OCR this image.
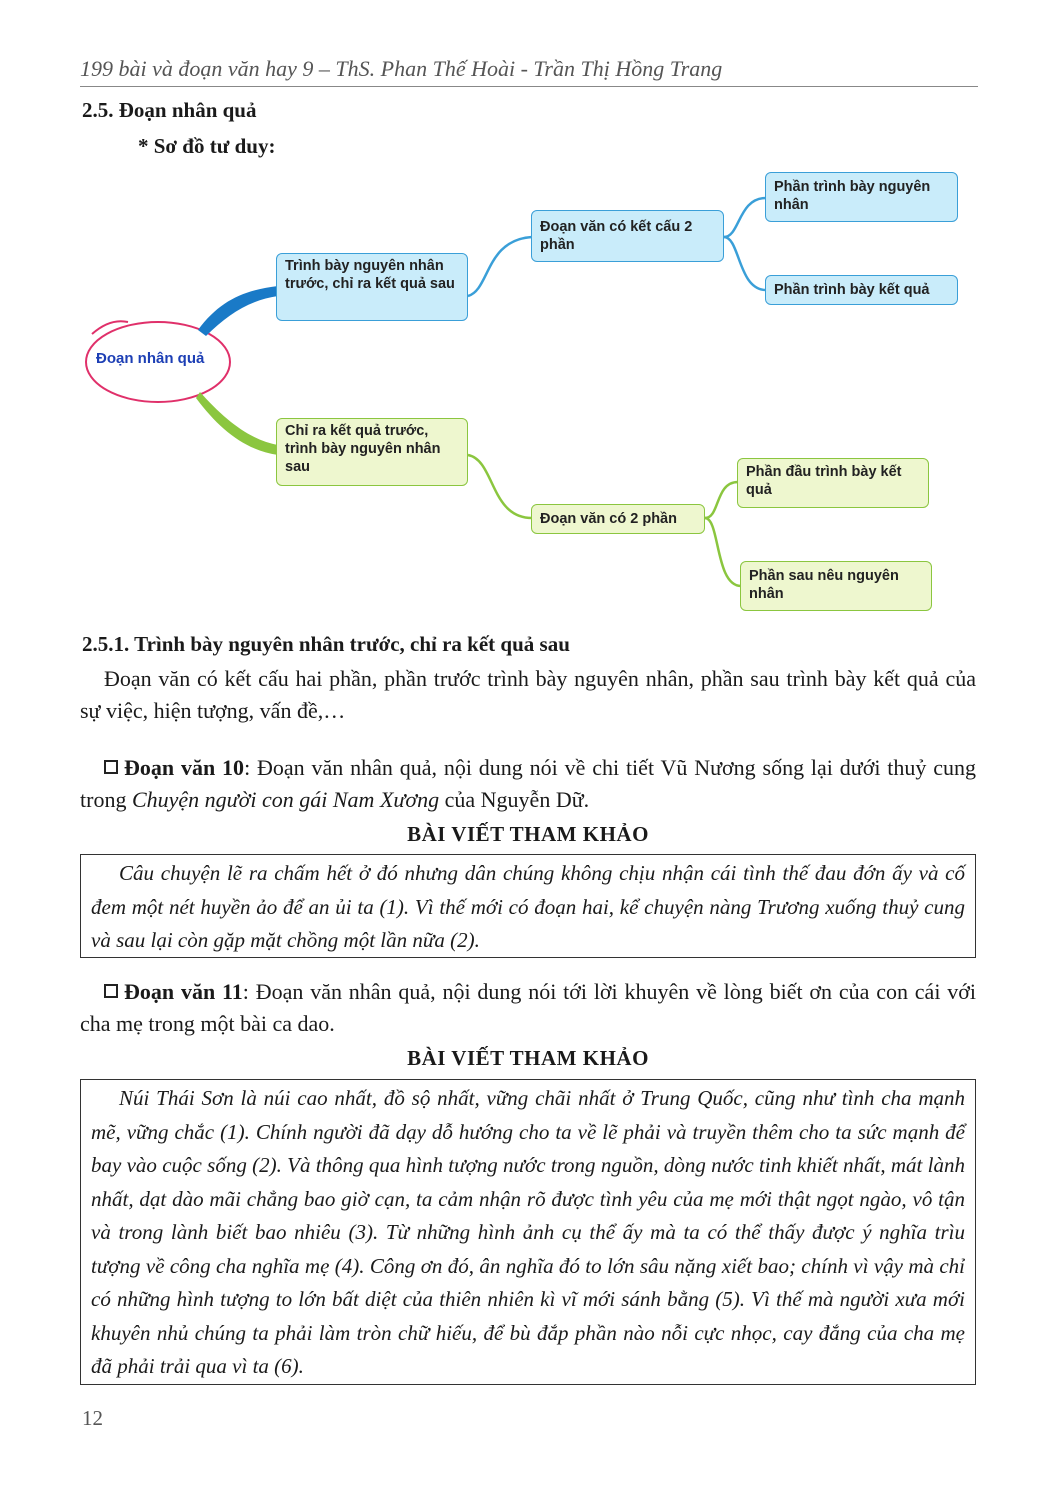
199 bài và đoạn văn hay 9 – ThS. Phan Thế Hoài - Trần Thị Hồng Trang
2.5. Đoạn nhân quả
* Sơ đồ tư duy:
Đoạn nhân quả
Trình bày nguyên nhân trước, chỉ ra kết quả sau
Đoạn văn có kết cấu 2 phần
Phần trình bày nguyên nhân
Phần trình bày kết quả
Chỉ ra kết quả trước, trình bày nguyên nhân sau
Đoạn văn có 2 phần
Phần đầu trình bày kết quả
Phần sau nêu nguyên nhân
2.5.1. Trình bày nguyên nhân trước, chỉ ra kết quả sau
Đoạn văn có kết cấu hai phần, phần trước trình bày nguyên nhân, phần sau trình bày kết quả của sự việc, hiện tượng, vấn đề,…
Đoạn văn 10: Đoạn văn nhân quả, nội dung nói về chi tiết Vũ Nương sống lại dưới thuỷ cung trong Chuyện người con gái Nam Xương của Nguyễn Dữ.
BÀI VIẾT THAM KHẢO

Câu chuyện lẽ ra chấm hết ở đó nhưng dân chúng không chịu nhận cái tình thế đau đớn ấy và cố đem một nét huyền ảo để an ủi ta (1). Vì thế mới có đoạn hai, kể chuyện nàng Trương xuống thuỷ cung và sau lại còn gặp mặt chồng một lần nữa (2).

Đoạn văn 11: Đoạn văn nhân quả, nội dung nói tới lời khuyên về lòng biết ơn của con cái với cha mẹ trong một bài ca dao.
BÀI VIẾT THAM KHẢO

Núi Thái Sơn là núi cao nhất, đồ sộ nhất, vững chãi nhất ở Trung Quốc, cũng như tình cha mạnh mẽ, vững chắc (1). Chính người đã dạy dỗ hướng cho ta về lẽ phải và truyền thêm cho ta sức mạnh để bay vào cuộc sống (2). Và thông qua hình tượng nước trong nguồn, dòng nước tinh khiết nhất, mát lành nhất, dạt dào mãi chẳng bao giờ cạn, ta cảm nhận rõ được tình yêu của mẹ mới thật ngọt ngào, vô tận và trong lành biết bao nhiêu (3). Từ những hình ảnh cụ thể ấy mà ta có thể thấy được ý nghĩa trìu tượng về công cha nghĩa mẹ (4). Công ơn đó, ân nghĩa đó to lớn sâu nặng xiết bao; chính vì vậy mà chỉ có những hình tượng to lớn bất diệt của thiên nhiên kì vĩ mới sánh bằng (5). Vì thế mà người xưa mới khuyên nhủ chúng ta phải làm tròn chữ hiếu, để bù đắp phần nào nỗi cực nhọc, cay đắng của cha mẹ đã phải trải qua vì ta (6).

12
